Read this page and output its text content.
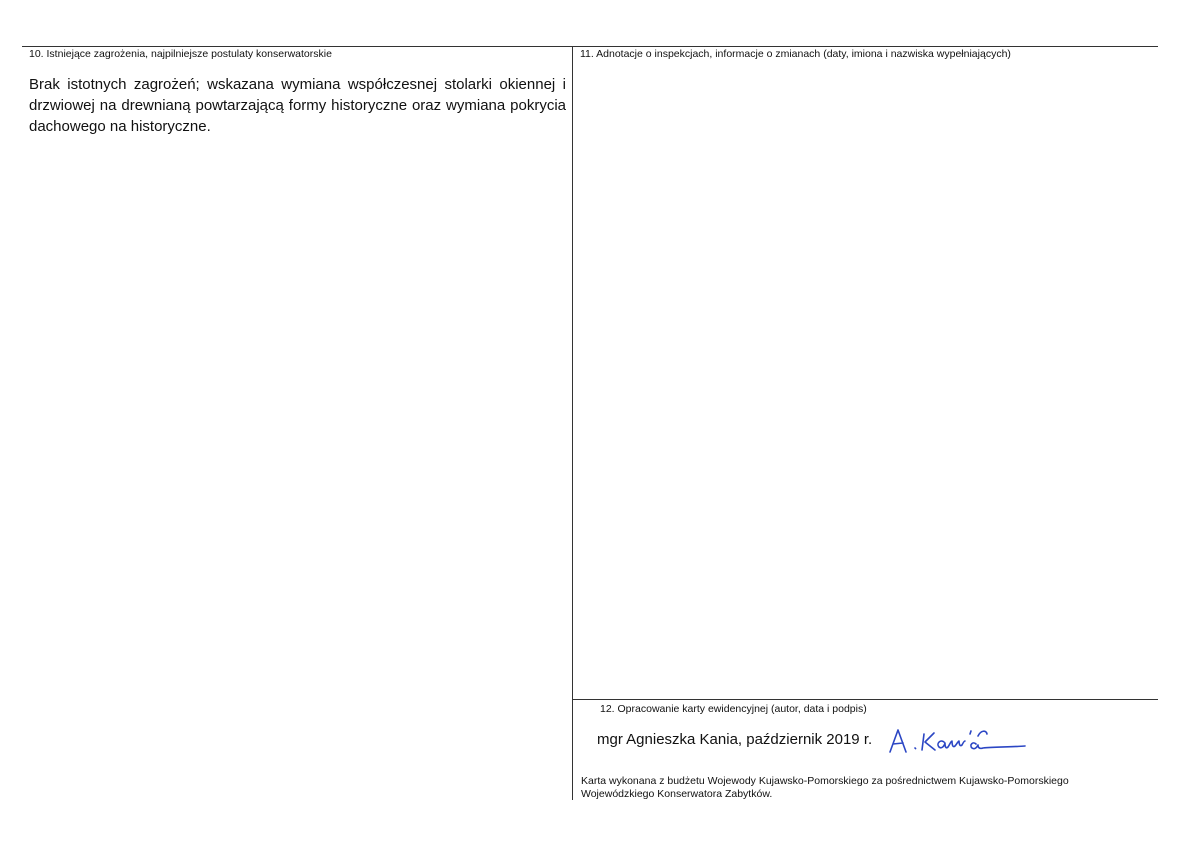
10. Istniejące zagrożenia, najpilniejsze postulaty konserwatorskie
Brak istotnych zagrożeń; wskazana wymiana współczesnej stolarki okiennej i drzwiowej na drewnianą powtarzającą formy historyczne oraz wymiana pokrycia dachowego na historyczne.
11. Adnotacje o inspekcjach, informacje o zmianach (daty, imiona i nazwiska wypełniających)
12. Opracowanie karty ewidencyjnej (autor, data i podpis)
mgr Agnieszka Kania, październik 2019 r.
Karta wykonana z budżetu Wojewody Kujawsko-Pomorskiego za pośrednictwem Kujawsko-Pomorskiego
Wojewódzkiego Konserwatora Zabytków.
